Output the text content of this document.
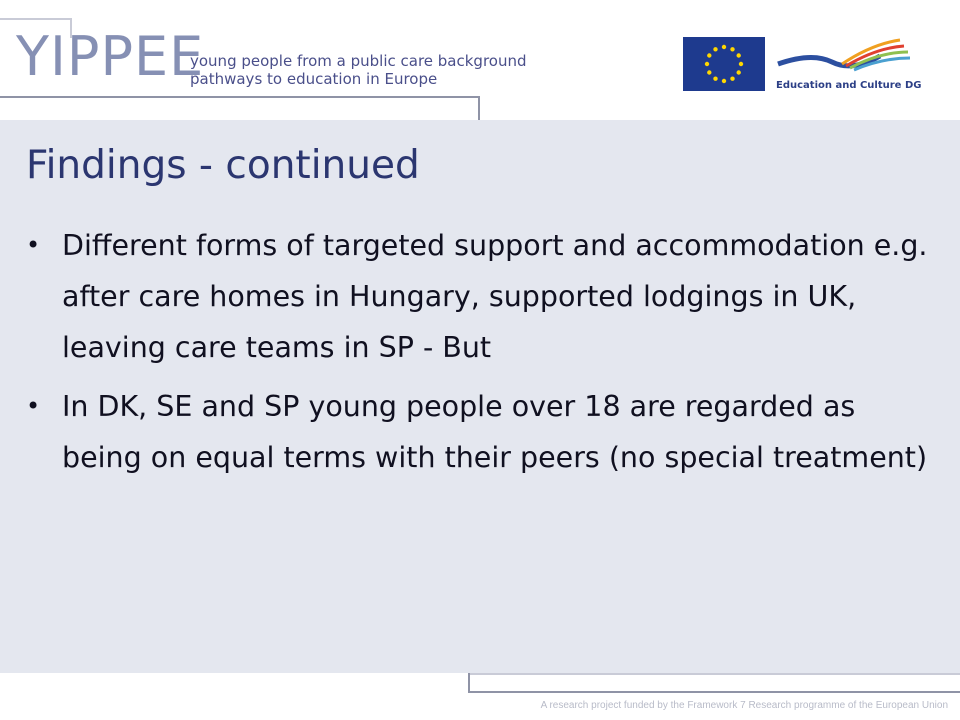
YIPPEE
young people from a public care background
pathways to education in Europe	Education and Culture DG
Findings - continued
• Different forms of targeted support and accommodation e.g. after care homes in Hungary, supported lodgings in UK, leaving care teams in SP - But
• In DK, SE and SP young people over 18 are regarded as being on equal terms with their peers (no special treatment)
A research project funded by the Framework 7 Research programme of the European Union
